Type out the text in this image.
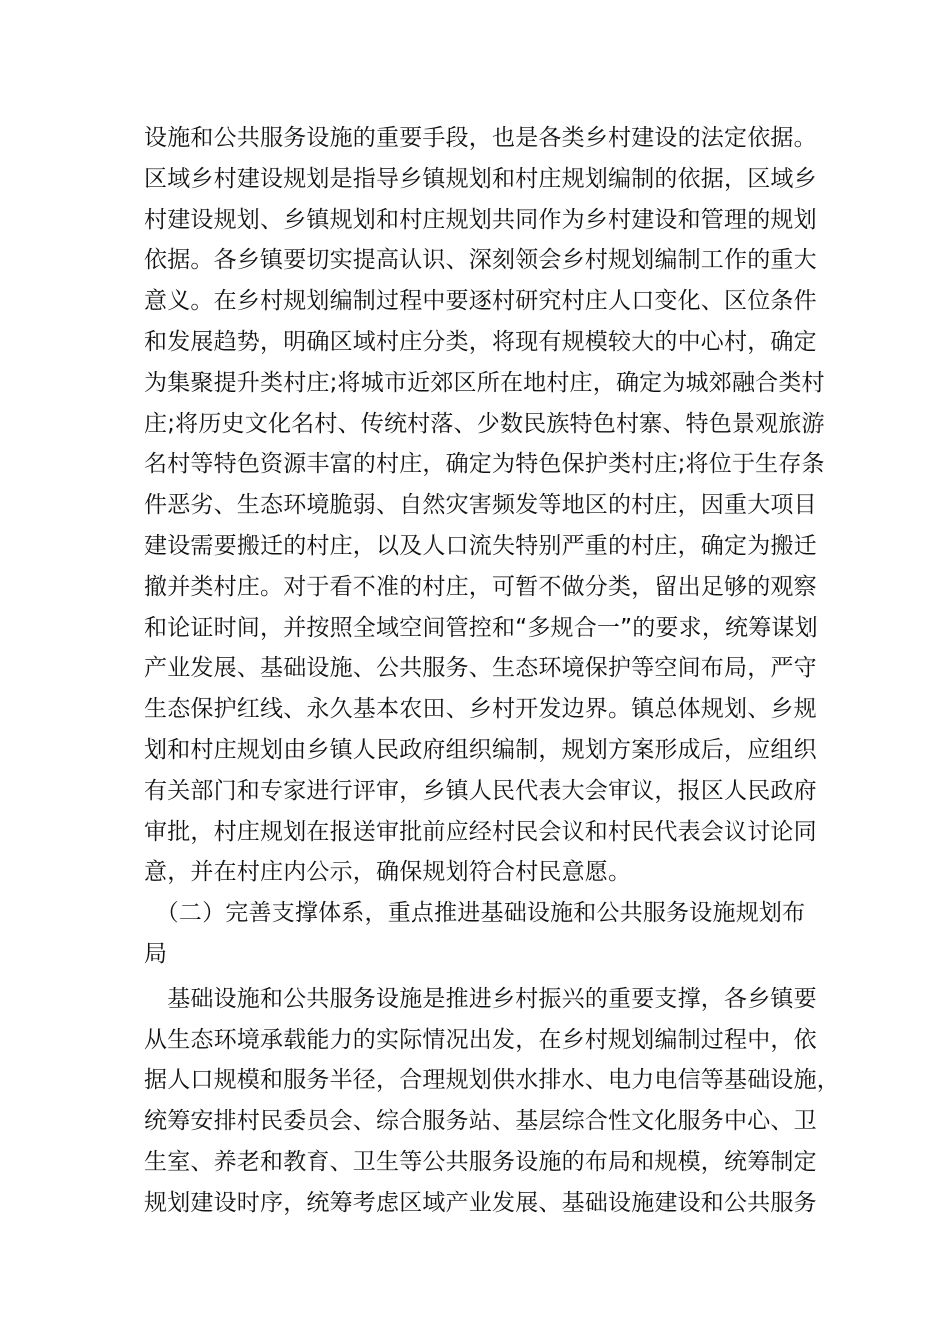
设施和公共服务设施的重要手段，也是各类乡村建设的法定依据。
区域乡村建设规划是指导乡镇规划和村庄规划编制的依据，区域乡
村建设规划、乡镇规划和村庄规划共同作为乡村建设和管理的规划
依据。各乡镇要切实提高认识、深刻领会乡村规划编制工作的重大
意义。在乡村规划编制过程中要逐村研究村庄人口变化、区位条件
和发展趋势，明确区域村庄分类，将现有规模较大的中心村，确定
为集聚提升类村庄;将城市近郊区所在地村庄，确定为城郊融合类村
庄;将历史文化名村、传统村落、少数民族特色村寨、特色景观旅游
名村等特色资源丰富的村庄，确定为特色保护类村庄;将位于生存条
件恶劣、生态环境脆弱、自然灾害频发等地区的村庄，因重大项目
建设需要搬迁的村庄，以及人口流失特别严重的村庄，确定为搬迁
撤并类村庄。对于看不准的村庄，可暂不做分类，留出足够的观察
和论证时间，并按照全域空间管控和“多规合一”的要求，统筹谋划
产业发展、基础设施、公共服务、生态环境保护等空间布局，严守
生态保护红线、永久基本农田、乡村开发边界。镇总体规划、乡规
划和村庄规划由乡镇人民政府组织编制，规划方案形成后，应组织
有关部门和专家进行评审，乡镇人民代表大会审议，报区人民政府
审批，村庄规划在报送审批前应经村民会议和村民代表会议讨论同
意，并在村庄内公示，确保规划符合村民意愿。
　（二）完善支撑体系，重点推进基础设施和公共服务设施规划布
局
　基础设施和公共服务设施是推进乡村振兴的重要支撑，各乡镇要
从生态环境承载能力的实际情况出发，在乡村规划编制过程中，依
据人口规模和服务半径，合理规划供水排水、电力电信等基础设施，
统筹安排村民委员会、综合服务站、基层综合性文化服务中心、卫
生室、养老和教育、卫生等公共服务设施的布局和规模，统筹制定
规划建设时序，统筹考虑区域产业发展、基础设施建设和公共服务
